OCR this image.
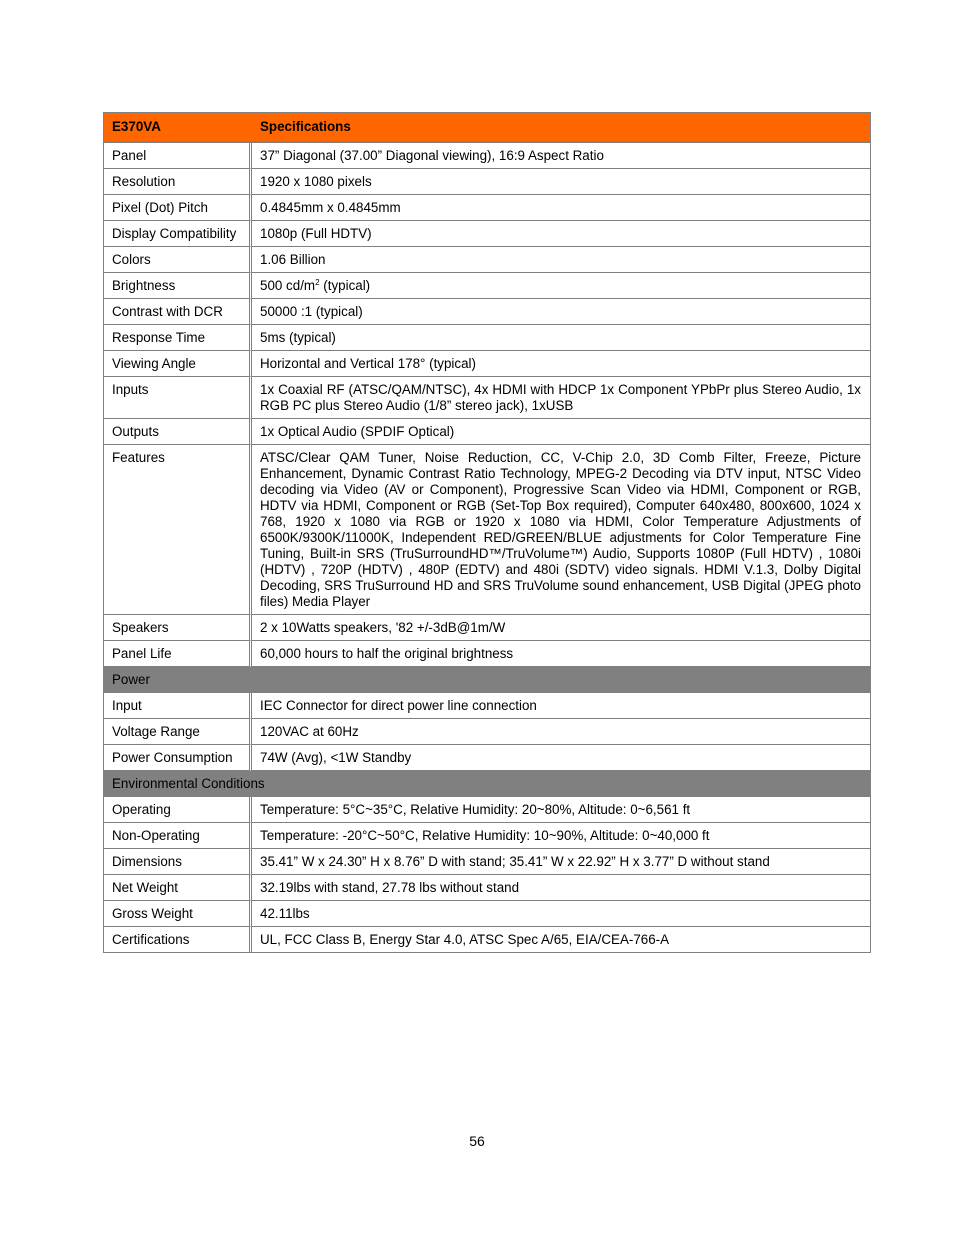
E370VA	Specifications
Panel	37” Diagonal (37.00” Diagonal viewing), 16:9 Aspect Ratio
Resolution	1920 x 1080 pixels
Pixel (Dot) Pitch	0.4845mm x 0.4845mm
Display Compatibility	1080p (Full HDTV)
Colors	1.06 Billion
Brightness	500 $cd/m^2$ (typical)
Contrast with DCR	50000 :1 (typical)
Response Time	5ms (typical)
Viewing Angle	Horizontal and Vertical 178° (typical)
Inputs	1x Coaxial RF (ATSC/QAM/NTSC), 4x HDMI with HDCP 1x Component YPbPr plus Stereo Audio, 1x RGB PC plus Stereo Audio (1/8” stereo jack), 1xUSB
Outputs	1x Optical Audio (SPDIF Optical)
Features	ATSC/Clear QAM Tuner, Noise Reduction, CC, V-Chip 2.0, 3D Comb Filter, Freeze, Picture Enhancement, Dynamic Contrast Ratio Technology, MPEG-2 Decoding via DTV input, NTSC Video decoding via Video (AV or Component), Progressive Scan Video via HDMI, Component or RGB, HDTV via HDMI, Component or RGB (Set-Top Box required), Computer 640x480, 800x600, 1024 x 768, 1920 x 1080 via RGB or 1920 x 1080 via HDMI, Color Temperature Adjustments of 6500K/9300K/11000K, Independent RED/GREEN/BLUE adjustments for Color Temperature Fine Tuning, Built-in SRS (TruSurroundHD™/TruVolume™) Audio, Supports 1080P (Full HDTV) , 1080i (HDTV) , 720P (HDTV) , 480P (EDTV) and 480i (SDTV) video signals. HDMI V.1.3, Dolby Digital Decoding, SRS TruSurround HD and SRS TruVolume sound enhancement, USB Digital (JPEG photo files) Media Player
Speakers	2 x 10Watts speakers, '82 +/-3dB@1m/W
Panel Life	60,000 hours to half the original brightness
Power	
Input	IEC Connector for direct power line connection
Voltage Range	120VAC at 60Hz
Power Consumption	74W (Avg), <1W Standby
Environmental Conditions	
Operating	Temperature: 5°C~35°C, Relative Humidity: 20~80%, Altitude: 0~6,561 ft
Non-Operating	Temperature: -20°C~50°C, Relative Humidity: 10~90%, Altitude: 0~40,000 ft
Dimensions	35.41” W x 24.30” H x 8.76” D with stand; 35.41” W x 22.92” H x 3.77” D without stand
Net Weight	32.19lbs with stand, 27.78 lbs without stand
Gross Weight	42.11lbs
Certifications	UL, FCC Class B, Energy Star 4.0, ATSC Spec A/65, EIA/CEA-766-A
56
